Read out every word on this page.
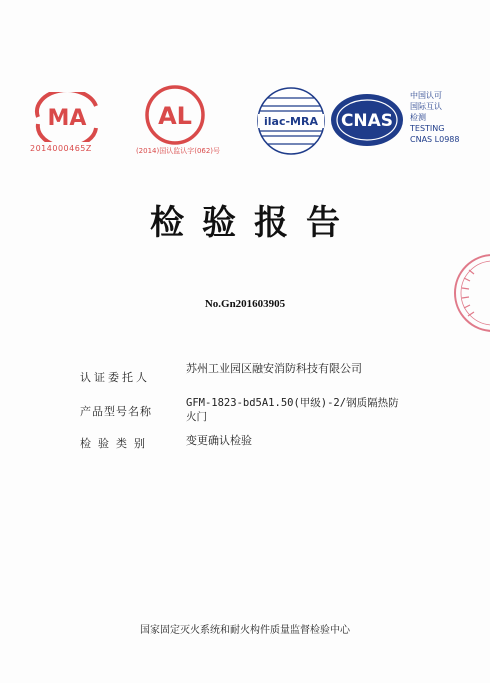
MA
2014000465Z
AL
(2014)国认监认字(062)号
ilac-MRA CNAS
中国认可
国际互认
检测
TESTING
CNAS L0988
检验报告
No.Gn201603905
认证委托人
苏州工业园区融安消防科技有限公司
产品型号名称
GFM-1823-bd5A1.50(甲级)-2/钢质隔热防火门
检验类别	变更确认检验
国家固定灭火系统和耐火构件质量监督检验中心
